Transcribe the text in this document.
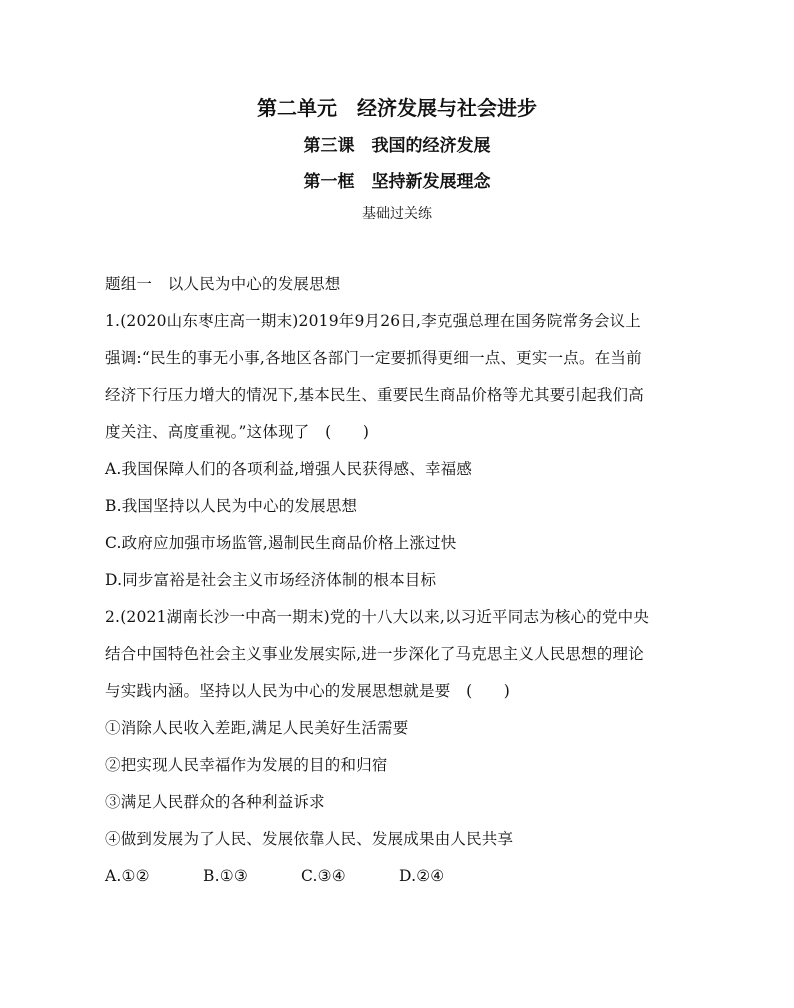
第二单元　经济发展与社会进步
第三课　我国的经济发展
第一框　坚持新发展理念
基础过关练
题组一　以人民为中心的发展思想
1.(2020山东枣庄高一期末)2019年9月26日,李克强总理在国务院常务会议上
强调:“民生的事无小事,各地区各部门一定要抓得更细一点、更实一点。在当前
经济下行压力增大的情况下,基本民生、重要民生商品价格等尤其要引起我们高
度关注、高度重视。”这体现了　(　　)
A.我国保障人们的各项利益,增强人民获得感、幸福感
B.我国坚持以人民为中心的发展思想
C.政府应加强市场监管,遏制民生商品价格上涨过快
D.同步富裕是社会主义市场经济体制的根本目标
2.(2021湖南长沙一中高一期末)党的十八大以来,以习近平同志为核心的党中央
结合中国特色社会主义事业发展实际,进一步深化了马克思主义人民思想的理论
与实践内涵。坚持以人民为中心的发展思想就是要　(　　)
①消除人民收入差距,满足人民美好生活需要
②把实现人民幸福作为发展的目的和归宿
③满足人民群众的各种利益诉求
④做到发展为了人民、发展依靠人民、发展成果由人民共享
A.①②	B.①③	C.③④	D.②④
